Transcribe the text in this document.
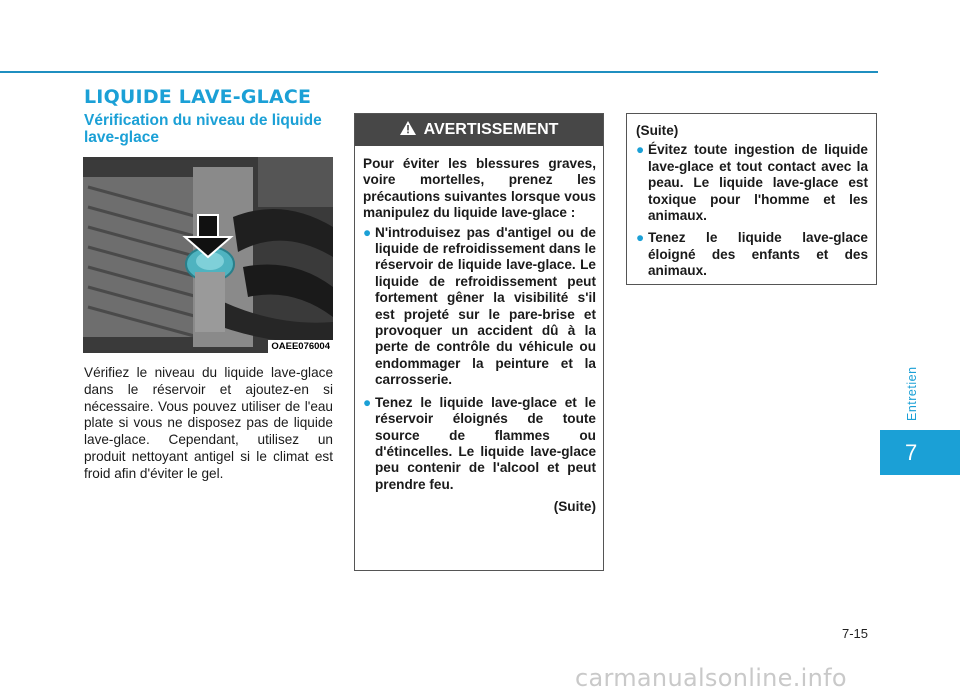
LIQUIDE LAVE-GLACE
Vérification du niveau de liquide lave-glace
OAEE076004
Vérifiez le niveau du liquide lave-glace dans le réservoir et ajoutez-en si nécessaire. Vous pouvez utiliser de l'eau plate si vous ne disposez pas de liquide lave-glace. Cependant, utilisez un produit nettoyant antigel si le climat est froid afin d'éviter le gel.
AVERTISSEMENT

Pour éviter les blessures graves, voire mortelles, prenez les précautions suivantes lorsque vous manipulez du liquide lave-glace :

● N'introduisez pas d'antigel ou de liquide de refroidissement dans le réservoir de liquide lave-glace. Le liquide de refroidissement peut fortement gêner la visibilité s'il est projeté sur le pare-brise et provoquer un accident dû à la perte de contrôle du véhicule ou endommager la peinture et la carrosserie.
● Tenez le liquide lave-glace et le réservoir éloignés de toute source de flammes ou d'étincelles. Le liquide lave-glace peu contenir de l'alcool et peut prendre feu.
(Suite)

(Suite)

● Évitez toute ingestion de liquide lave-glace et tout contact avec la peau. Le liquide lave-glace est toxique pour l'homme et les animaux.
● Tenez le liquide lave-glace éloigné des enfants et des animaux.
Entretien
7
7-15
carmanualsonline.info
